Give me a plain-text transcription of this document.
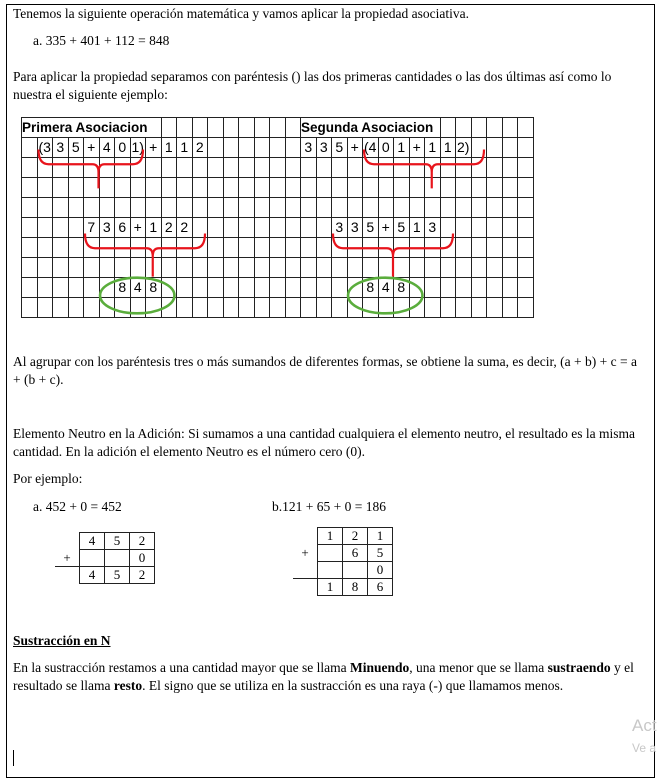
Tenemos la siguiente operación matemática y vamos aplicar la propiedad asociativa.
a. 335 + 401 + 112 = 848
Para aplicar la propiedad separamos con paréntesis () las dos primeras cantidades o las dos últimas así como lo nuestra el siguiente ejemplo:
Primera Asociacion																		Segunda Asociacion														
	(3	3	5	+	4	0	1)	+	1	1	2							3	3	5	+	(4	0	1	+	1	1	2)				

				7	3	6	+	1	2	2										3	3	5	+	5	1	3						

						8	4	8														8	4	8								

Al agrupar con los paréntesis tres o más sumandos de diferentes formas, se obtiene la suma, es decir, (a + b) + c = a + (b + c).
Elemento Neutro en la Adición: Si sumamos a una cantidad cualquiera el elemento neutro, el resultado es la misma cantidad. En la adición el elemento Neutro es el número cero (0).
Por ejemplo:
a. 452 + 0 = 452	b.121 + 65 + 0 = 186
	4	5	2
+			0
	4	5	2
	1	2	1
+		6	5
			0
	1	8	6
Sustracción en N
En la sustracción restamos a una cantidad mayor que se llama Minuendo, una menor que se llama sustraendo y el resultado se llama resto. El signo que se utiliza en la sustracción es una raya (-) que llamamos menos.
Act
Ve a
